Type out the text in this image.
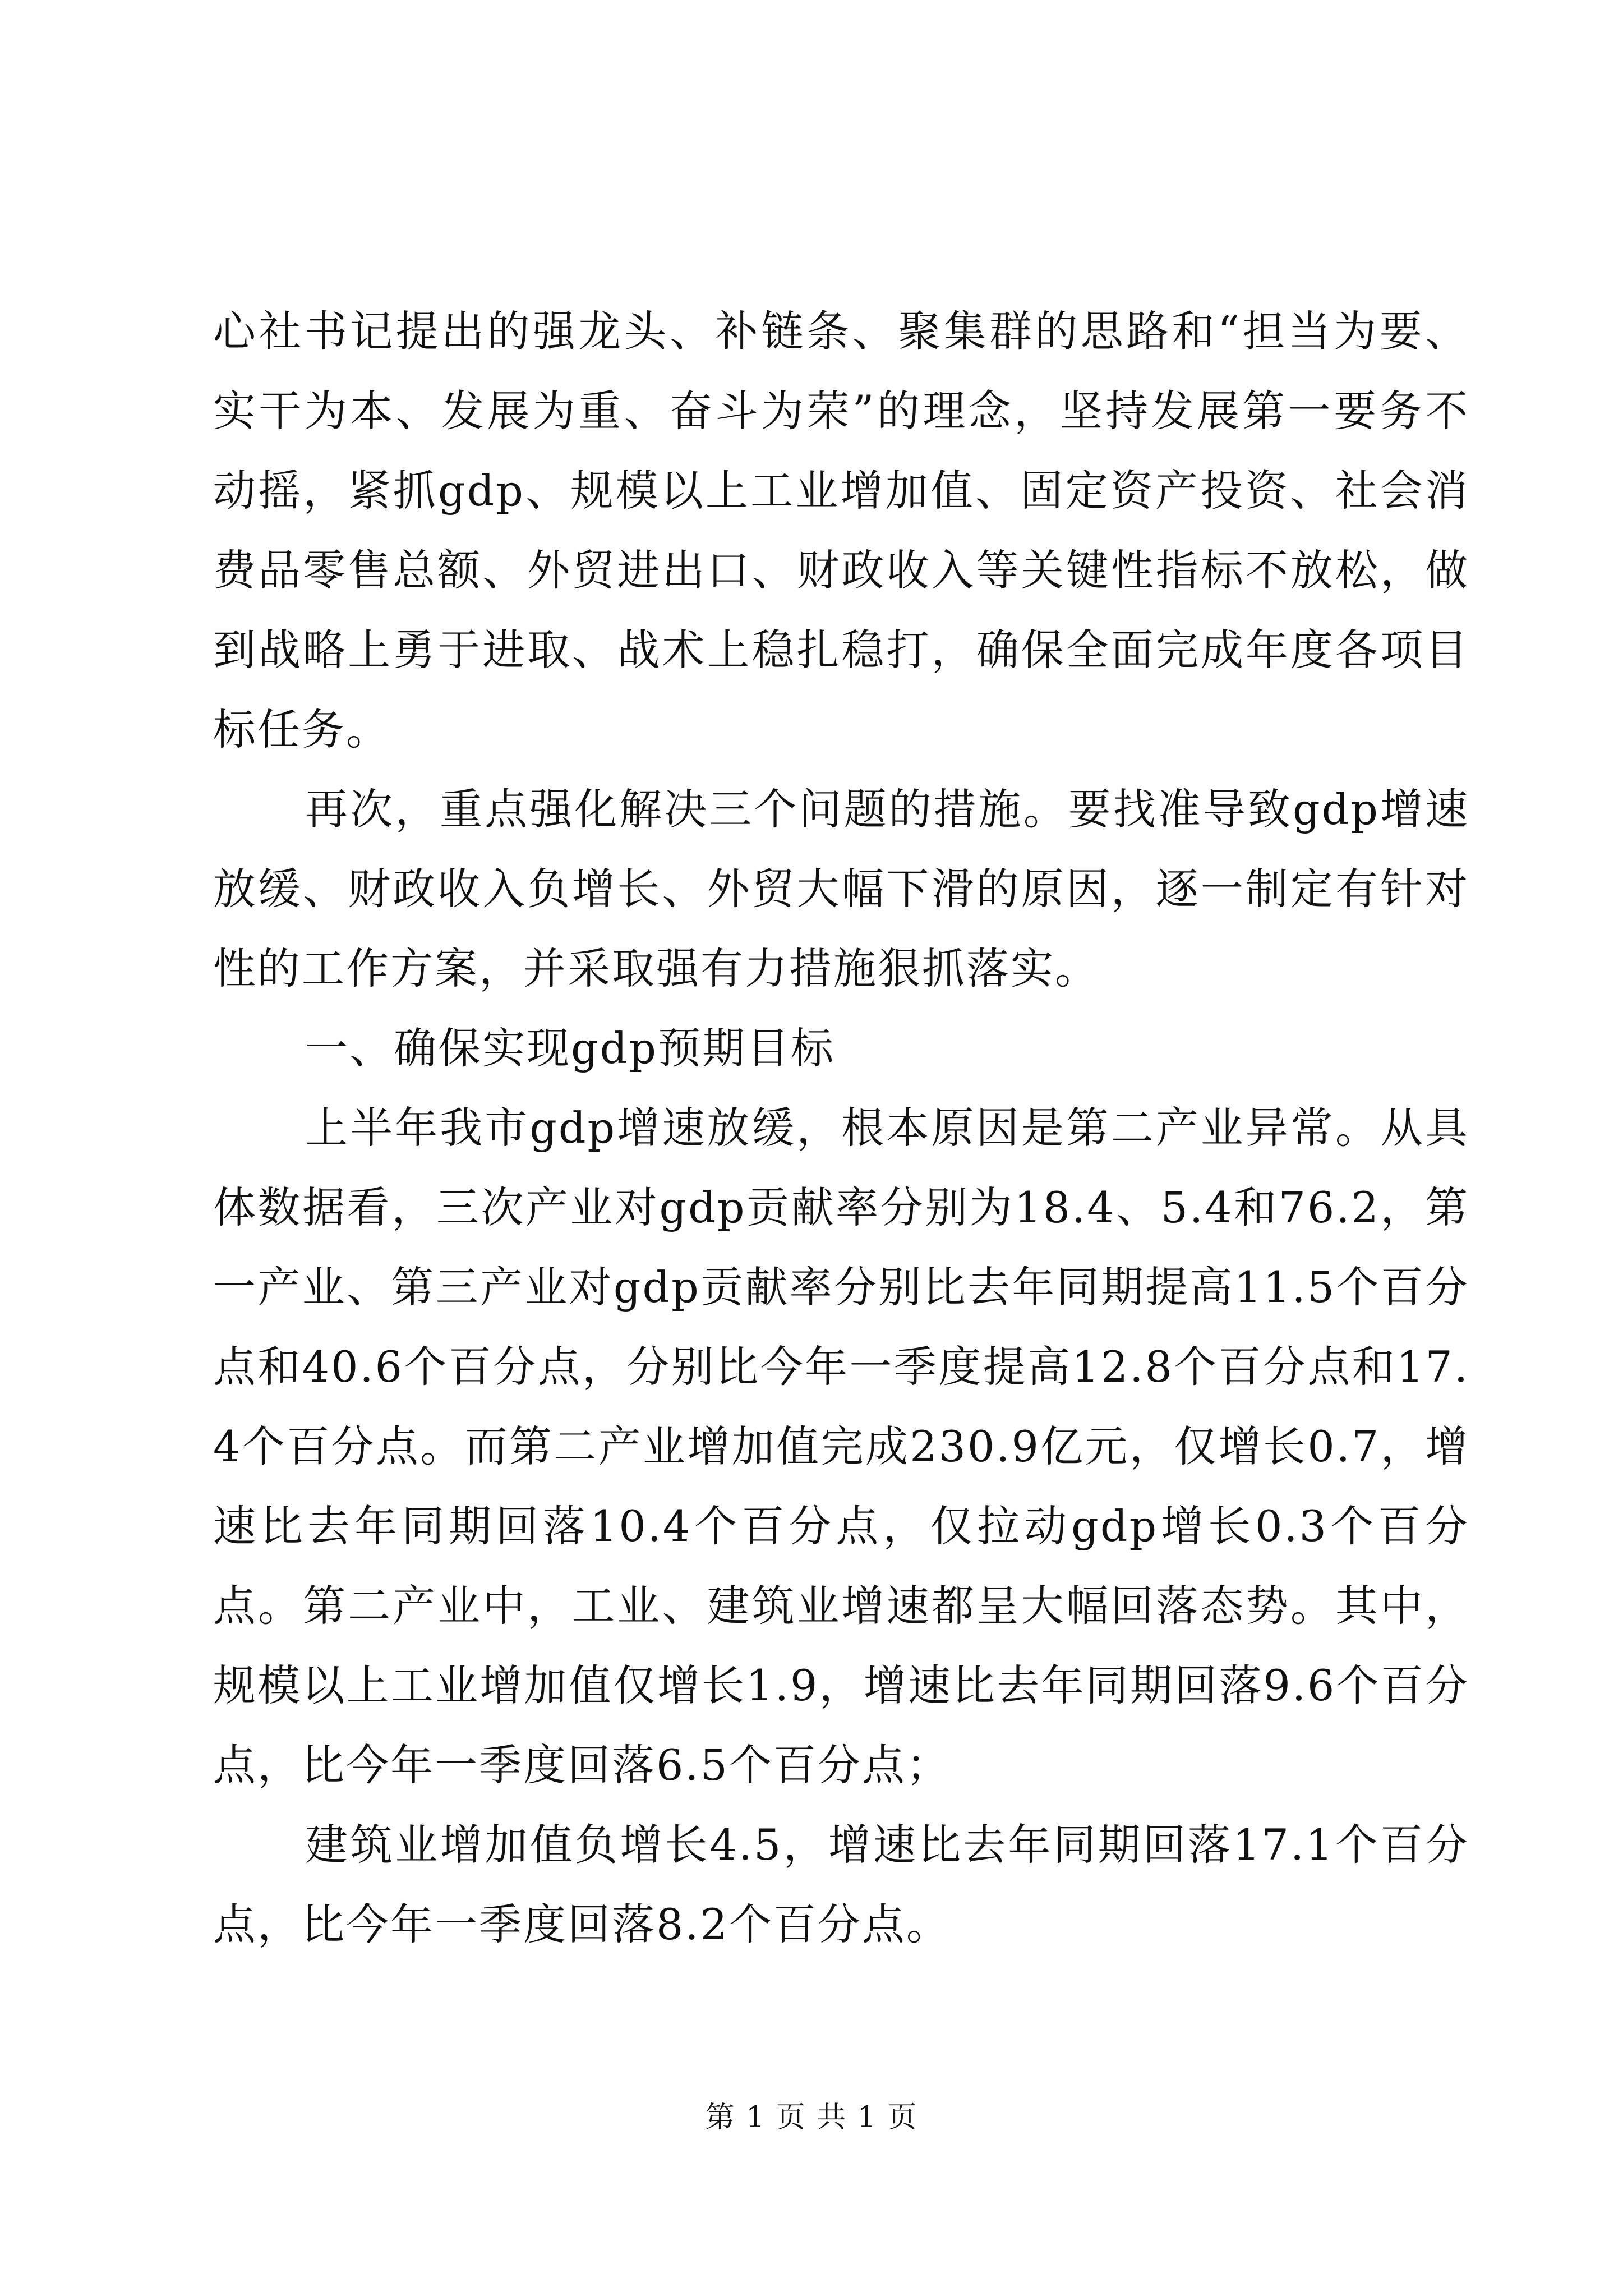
心社书记提出的强龙头、补链条、聚集群的思路和“担当为要、实干为本、发展为重、奋斗为荣”的理念，坚持发展第一要务不动摇，紧抓gdp、规模以上工业增加值、固定资产投资、社会消费品零售总额、外贸进出口、财政收入等关键性指标不放松，做到战略上勇于进取、战术上稳扎稳打，确保全面完成年度各项目标任务。

再次，重点强化解决三个问题的措施。要找准导致gdp增速放缓、财政收入负增长、外贸大幅下滑的原因，逐一制定有针对性的工作方案，并采取强有力措施狠抓落实。

一、确保实现gdp预期目标

上半年我市gdp增速放缓，根本原因是第二产业异常。从具体数据看，三次产业对gdp贡献率分别为18.4、5.4和76.2，第一产业、第三产业对gdp贡献率分别比去年同期提高11.5个百分点和40.6个百分点，分别比今年一季度提高12.8个百分点和17.4个百分点。而第二产业增加值完成230.9亿元，仅增长0.7，增速比去年同期回落10.4个百分点，仅拉动gdp增长0.3个百分点。第二产业中，工业、建筑业增速都呈大幅回落态势。其中，规模以上工业增加值仅增长1.9，增速比去年同期回落9.6个百分点，比今年一季度回落6.5个百分点；

建筑业增加值负增长4.5，增速比去年同期回落17.1个百分点，比今年一季度回落8.2个百分点。

第 1 页 共 1 页
